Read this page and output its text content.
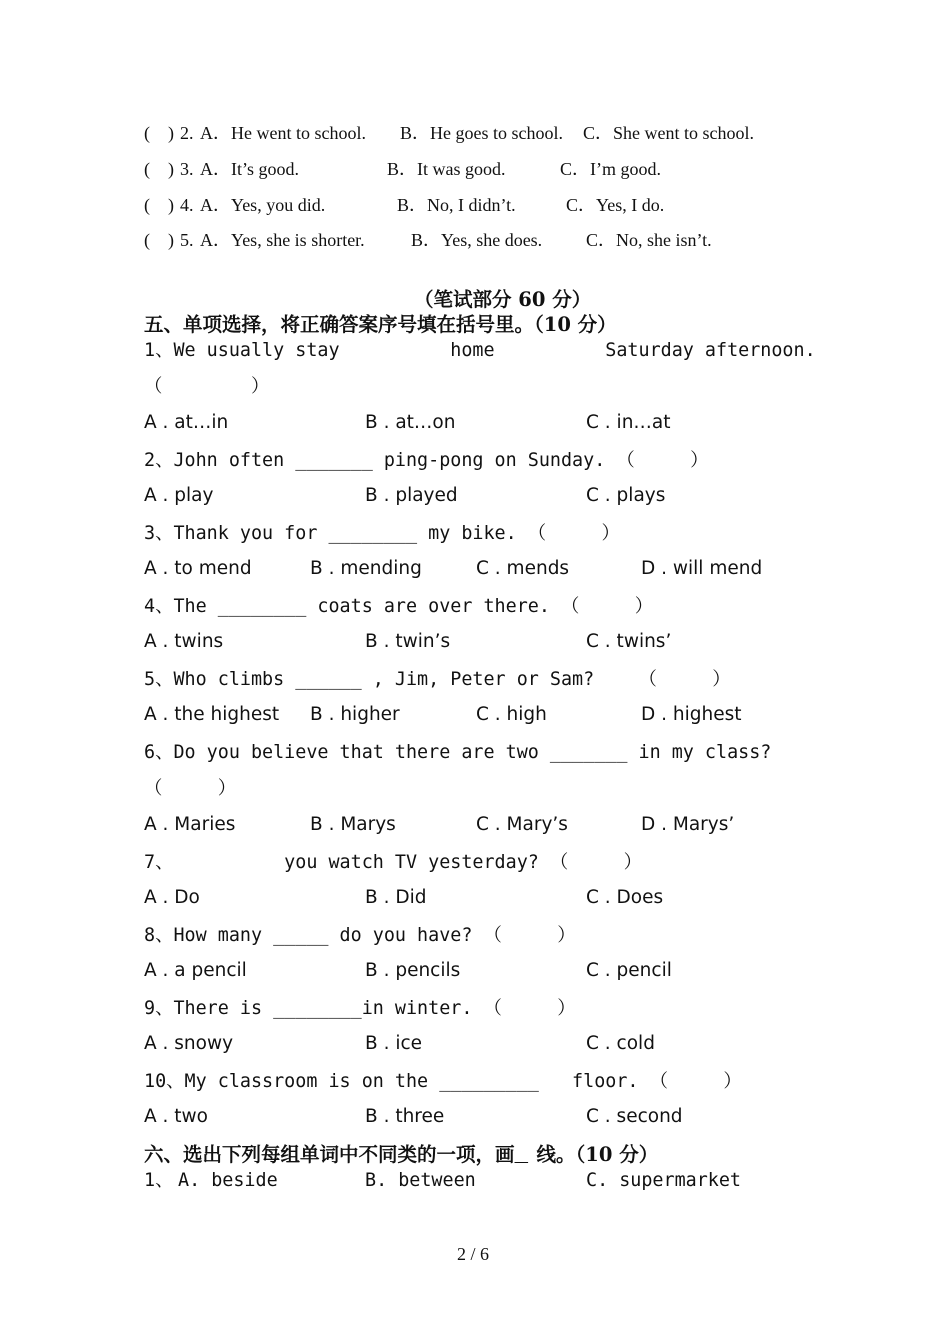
(    ) 2. A．He went to school. B．He goes to school. C．She went to school.
(    ) 3. A．It’s good.	B．It was good.	C．I’m good.
(    ) 4. A．Yes, you did.	B．No, I didn’t.	C．Yes, I do.
(    ) 5. A．Yes, she is shorter.	B．Yes, she does. C．No, she isn’t.
（笔试部分 60 分）
五、单项选择，将正确答案序号填在括号里。（10 分）
1、We usually stay          home          Saturday afternoon.
（        ）
A . at…in	B . at…on	C . in…at
2、John often _______ ping-pong on Sunday. （     ）
A . play	B . played	C . plays
3、Thank you for ________ my bike. （     ）
A . to mend	B . mending	C . mends	D . will mend
4、The ________ coats are over there. （     ）
A . twins	B . twin’s	C . twins’
5、Who climbs ______ , Jim, Peter or Sam?    （     ）
A . the highest B . higher	C . high	D . highest
6、Do you believe that there are two _______ in my class?
（     ）
A . Maries	B . Marys	C . Mary’s	D . Marys’
7、          you watch TV yesterday? （     ）
A . Do	B . Did	C . Does
8、How many _____ do you have? （     ）
A . a pencil	B . pencils	C . pencil
9、There is ________in winter. （     ）
A . snowy	B . ice	C . cold
10、My classroom is on the _________   floor. （     ）
A . two	B . three	C . second
六、选出下列每组单词中不同类的一项，画 线。（10 分）
1、 A. beside	B. between	C. supermarket
2 / 6
